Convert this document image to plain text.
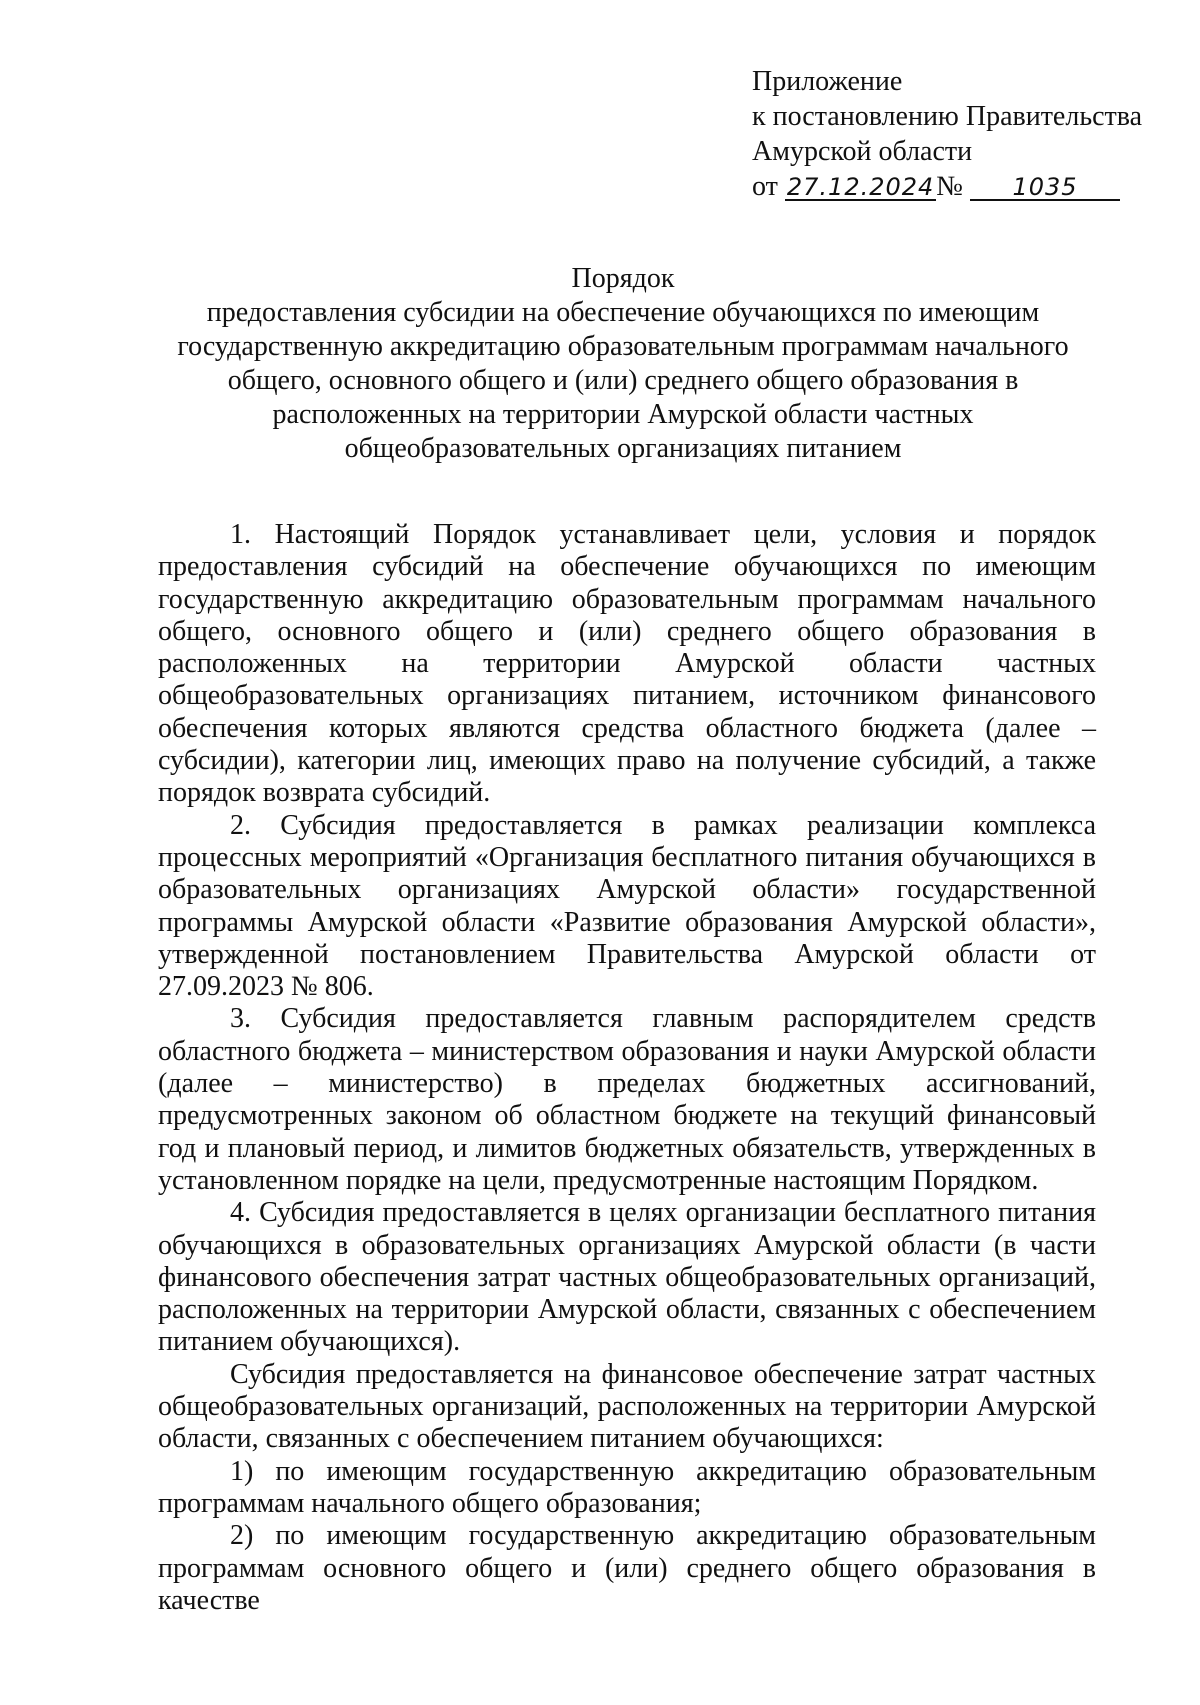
Приложение
к постановлению Правительства
Амурской области
от 27.12.2024№ 1035
Порядок
предоставления субсидии на обеспечение обучающихся по имеющим
государственную аккредитацию образовательным программам начального
общего, основного общего и (или) среднего общего образования в
расположенных на территории Амурской области частных
общеобразовательных организациях питанием

1. Настоящий Порядок устанавливает цели, условия и порядок предоставления субсидий на обеспечение обучающихся по имеющим государственную аккредитацию образовательным программам начального общего, основного общего и (или) среднего общего образования в расположенных на территории Амурской области частных общеобразовательных организациях питанием, источником финансового обеспечения которых являются средства областного бюджета (далее – субсидии), категории лиц, имеющих право на получение субсидий, а также порядок возврата субсидий.

2. Субсидия предоставляется в рамках реализации комплекса процессных мероприятий «Организация бесплатного питания обучающихся в образовательных организациях Амурской области» государственной программы Амурской области «Развитие образования Амурской области», утвержденной постановлением Правительства Амурской области от 27.09.2023 № 806.

3. Субсидия предоставляется главным распорядителем средств областного бюджета – министерством образования и науки Амурской области (далее – министерство) в пределах бюджетных ассигнований, предусмотренных законом об областном бюджете на текущий финансовый год и плановый период, и лимитов бюджетных обязательств, утвержденных в установленном порядке на цели, предусмотренные настоящим Порядком.

4. Субсидия предоставляется в целях организации бесплатного питания обучающихся в образовательных организациях Амурской области (в части финансового обеспечения затрат частных общеобразовательных организаций, расположенных на территории Амурской области, связанных с обеспечением питанием обучающихся).

Субсидия предоставляется на финансовое обеспечение затрат частных общеобразовательных организаций, расположенных на территории Амурской области, связанных с обеспечением питанием обучающихся:

1) по имеющим государственную аккредитацию образовательным программам начального общего образования;

2) по имеющим государственную аккредитацию образовательным программам основного общего и (или) среднего общего образования в качестве
